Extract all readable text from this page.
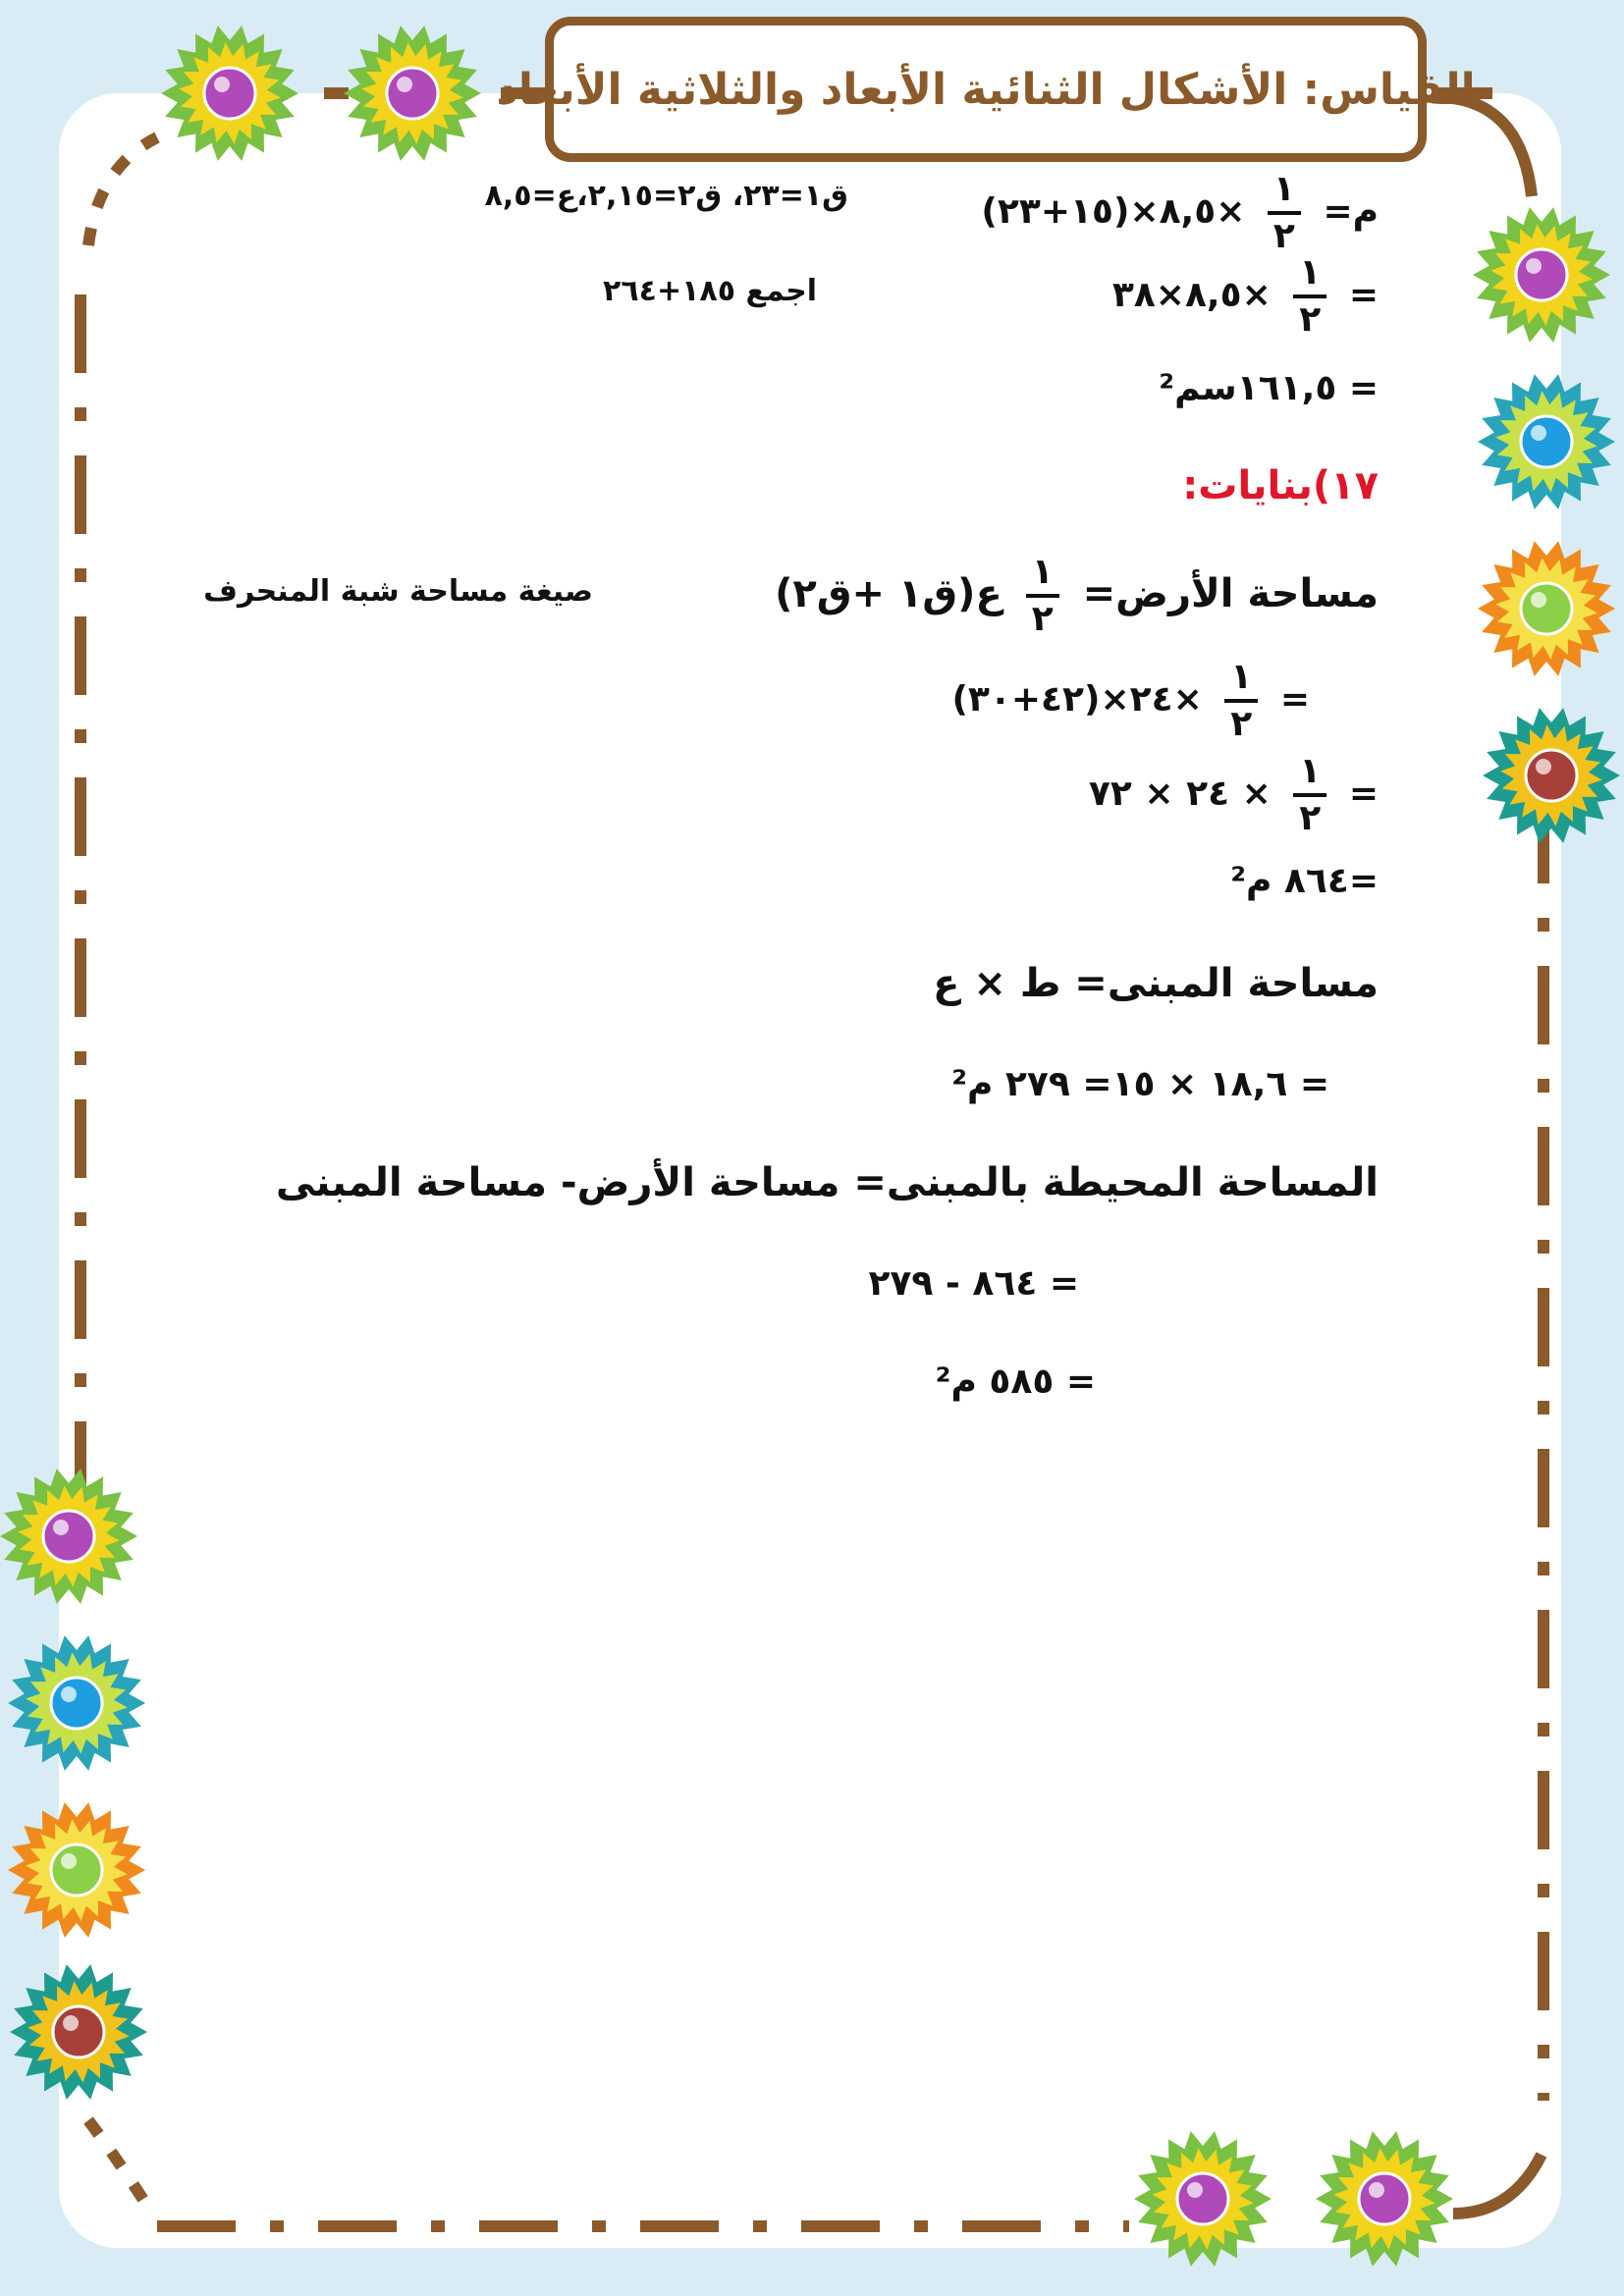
القياس: الأشكال الثنائية الأبعاد والثلاثية الأبعاد
م=
$\frac{١}{٢}$
×٨,٥×(١٥+٢٣)
ق١=٢٣، ق٢=٢,١٥،ع=٨,٥
=
$\frac{١}{٢}$
×٨,٥×٣٨
اجمع ١٨٥+٢٦٤
= ١٦١,٥سم²
١٧)بنايات:
مساحة الأرض=
$\frac{١}{٢}$
ع(ق١ +ق٢)
صيغة مساحة شبة المنحرف
=
$\frac{١}{٢}$
×٢٤×(٤٢+٣٠)
=
$\frac{١}{٢}$
× ٢٤ × ٧٢
=٨٦٤ م²
مساحة المبنى= ط × ع
= ١٨,٦ × ١٥= ٢٧٩ م²
المساحة المحيطة بالمبنى= مساحة الأرض- مساحة المبنى
= ٨٦٤ - ٢٧٩
= ٥٨٥ م²
